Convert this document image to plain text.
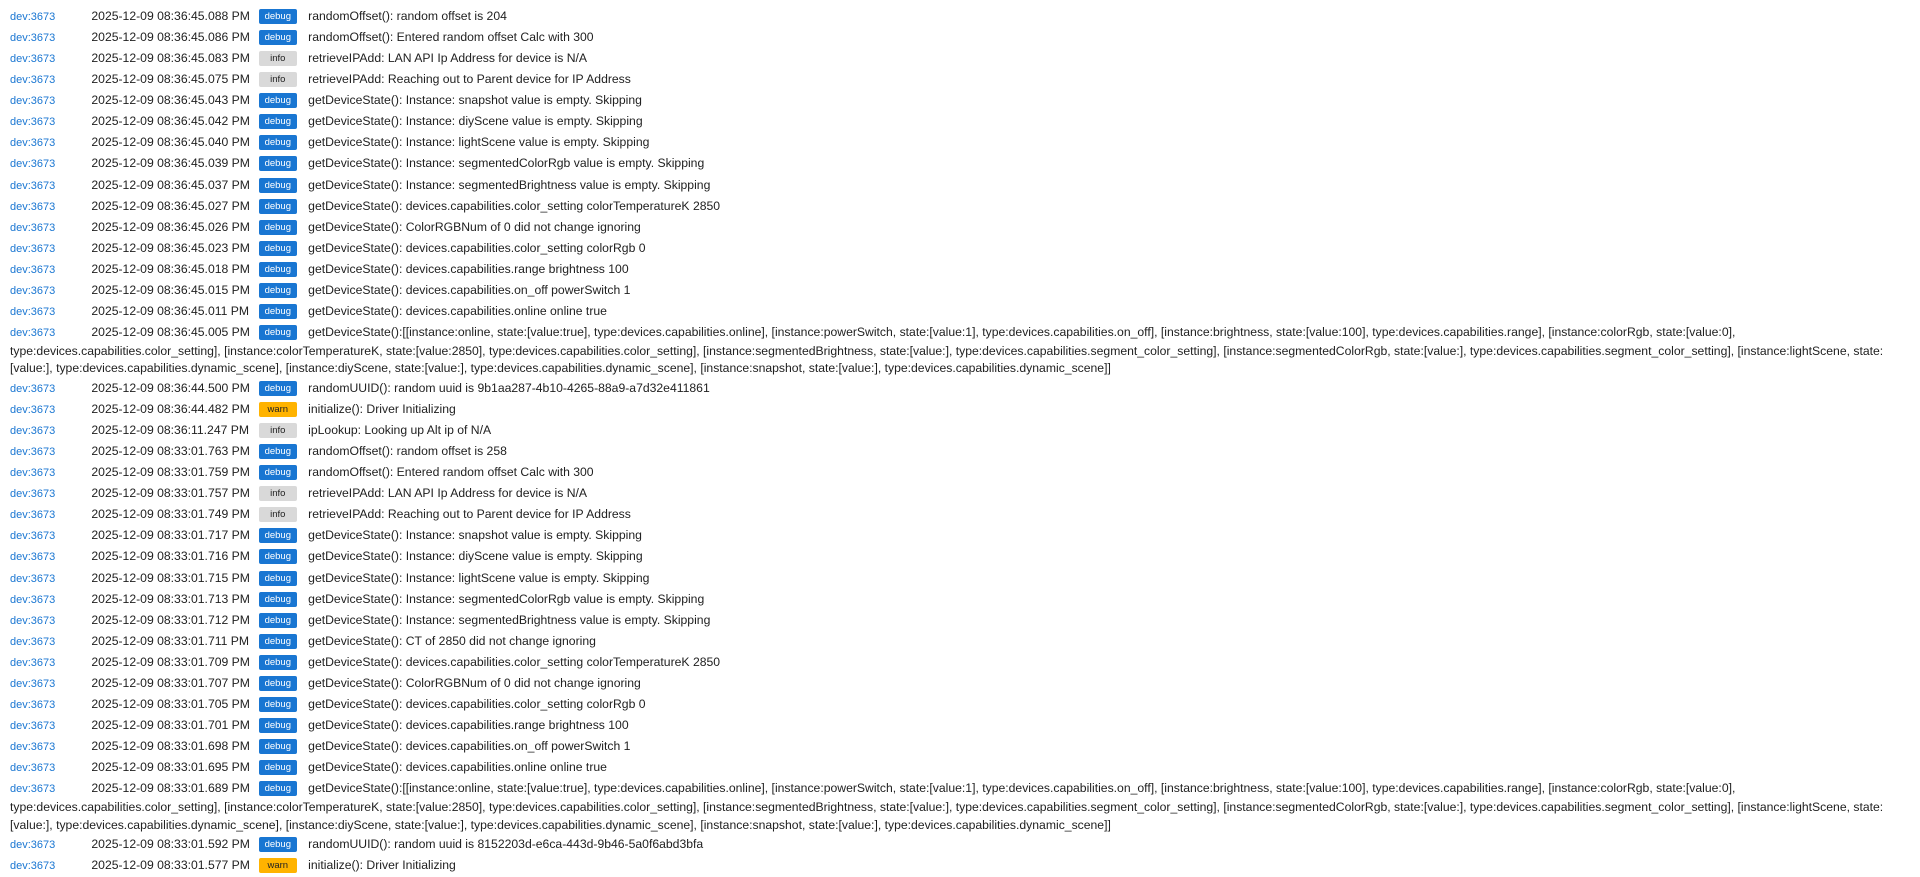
dev:3673	2025-12-09 08:36:45.088 PM debug randomOffset(): random offset is 204
dev:3673	2025-12-09 08:36:45.086 PM debug randomOffset(): Entered random offset Calc with 300
dev:3673	2025-12-09 08:36:45.083 PM info retrieveIPAdd: LAN API Ip Address for device is N/A
dev:3673	2025-12-09 08:36:45.075 PM info retrieveIPAdd: Reaching out to Parent device for IP Address
dev:3673	2025-12-09 08:36:45.043 PM debug getDeviceState(): Instance: snapshot value is empty. Skipping
dev:3673	2025-12-09 08:36:45.042 PM debug getDeviceState(): Instance: diyScene value is empty. Skipping
dev:3673	2025-12-09 08:36:45.040 PM debug getDeviceState(): Instance: lightScene value is empty. Skipping
dev:3673	2025-12-09 08:36:45.039 PM debug getDeviceState(): Instance: segmentedColorRgb value is empty. Skipping
dev:3673	2025-12-09 08:36:45.037 PM debug getDeviceState(): Instance: segmentedBrightness value is empty. Skipping
dev:3673	2025-12-09 08:36:45.027 PM debug getDeviceState(): devices.capabilities.color_setting colorTemperatureK 2850
dev:3673	2025-12-09 08:36:45.026 PM debug getDeviceState(): ColorRGBNum of 0 did not change ignoring
dev:3673	2025-12-09 08:36:45.023 PM debug getDeviceState(): devices.capabilities.color_setting colorRgb 0
dev:3673	2025-12-09 08:36:45.018 PM debug getDeviceState(): devices.capabilities.range brightness 100
dev:3673	2025-12-09 08:36:45.015 PM debug getDeviceState(): devices.capabilities.on_off powerSwitch 1
dev:3673	2025-12-09 08:36:45.011 PM debug getDeviceState(): devices.capabilities.online online true
dev:3673	2025-12-09 08:36:45.005 PM debug getDeviceState():[[instance:online, state:[value:true], type:devices.capabilities.online], [instance:powerSwitch, state:[value:1], type:devices.capabilities.on_off], [instance:brightness, state:[value:100], type:devices.capabilities.range], [instance:colorRgb, state:[value:0], type:devices.capabilities.color_setting], [instance:colorTemperatureK, state:[value:2850], type:devices.capabilities.color_setting], [instance:segmentedBrightness, state:[value:], type:devices.capabilities.segment_color_setting], [instance:segmentedColorRgb, state:[value:], type:devices.capabilities.segment_color_setting], [instance:lightScene, state:[value:], type:devices.capabilities.dynamic_scene], [instance:diyScene, state:[value:], type:devices.capabilities.dynamic_scene], [instance:snapshot, state:[value:], type:devices.capabilities.dynamic_scene]]
dev:3673	2025-12-09 08:36:44.500 PM debug randomUUID(): random uuid is 9b1aa287-4b10-4265-88a9-a7d32e411861
dev:3673	2025-12-09 08:36:44.482 PM warn initialize(): Driver Initializing
dev:3673	2025-12-09 08:36:11.247 PM info ipLookup: Looking up Alt ip of N/A
dev:3673	2025-12-09 08:33:01.763 PM debug randomOffset(): random offset is 258
dev:3673	2025-12-09 08:33:01.759 PM debug randomOffset(): Entered random offset Calc with 300
dev:3673	2025-12-09 08:33:01.757 PM info retrieveIPAdd: LAN API Ip Address for device is N/A
dev:3673	2025-12-09 08:33:01.749 PM info retrieveIPAdd: Reaching out to Parent device for IP Address
dev:3673	2025-12-09 08:33:01.717 PM debug getDeviceState(): Instance: snapshot value is empty. Skipping
dev:3673	2025-12-09 08:33:01.716 PM debug getDeviceState(): Instance: diyScene value is empty. Skipping
dev:3673	2025-12-09 08:33:01.715 PM debug getDeviceState(): Instance: lightScene value is empty. Skipping
dev:3673	2025-12-09 08:33:01.713 PM debug getDeviceState(): Instance: segmentedColorRgb value is empty. Skipping
dev:3673	2025-12-09 08:33:01.712 PM debug getDeviceState(): Instance: segmentedBrightness value is empty. Skipping
dev:3673	2025-12-09 08:33:01.711 PM debug getDeviceState(): CT of 2850 did not change ignoring
dev:3673	2025-12-09 08:33:01.709 PM debug getDeviceState(): devices.capabilities.color_setting colorTemperatureK 2850
dev:3673	2025-12-09 08:33:01.707 PM debug getDeviceState(): ColorRGBNum of 0 did not change ignoring
dev:3673	2025-12-09 08:33:01.705 PM debug getDeviceState(): devices.capabilities.color_setting colorRgb 0
dev:3673	2025-12-09 08:33:01.701 PM debug getDeviceState(): devices.capabilities.range brightness 100
dev:3673	2025-12-09 08:33:01.698 PM debug getDeviceState(): devices.capabilities.on_off powerSwitch 1
dev:3673	2025-12-09 08:33:01.695 PM debug getDeviceState(): devices.capabilities.online online true
dev:3673	2025-12-09 08:33:01.689 PM debug getDeviceState():[[instance:online, state:[value:true], type:devices.capabilities.online], [instance:powerSwitch, state:[value:1], type:devices.capabilities.on_off], [instance:brightness, state:[value:100], type:devices.capabilities.range], [instance:colorRgb, state:[value:0], type:devices.capabilities.color_setting], [instance:colorTemperatureK, state:[value:2850], type:devices.capabilities.color_setting], [instance:segmentedBrightness, state:[value:], type:devices.capabilities.segment_color_setting], [instance:segmentedColorRgb, state:[value:], type:devices.capabilities.segment_color_setting], [instance:lightScene, state:[value:], type:devices.capabilities.dynamic_scene], [instance:diyScene, state:[value:], type:devices.capabilities.dynamic_scene], [instance:snapshot, state:[value:], type:devices.capabilities.dynamic_scene]]
dev:3673	2025-12-09 08:33:01.592 PM debug randomUUID(): random uuid is 8152203d-e6ca-443d-9b46-5a0f6abd3bfa
dev:3673	2025-12-09 08:33:01.577 PM warn initialize(): Driver Initializing
